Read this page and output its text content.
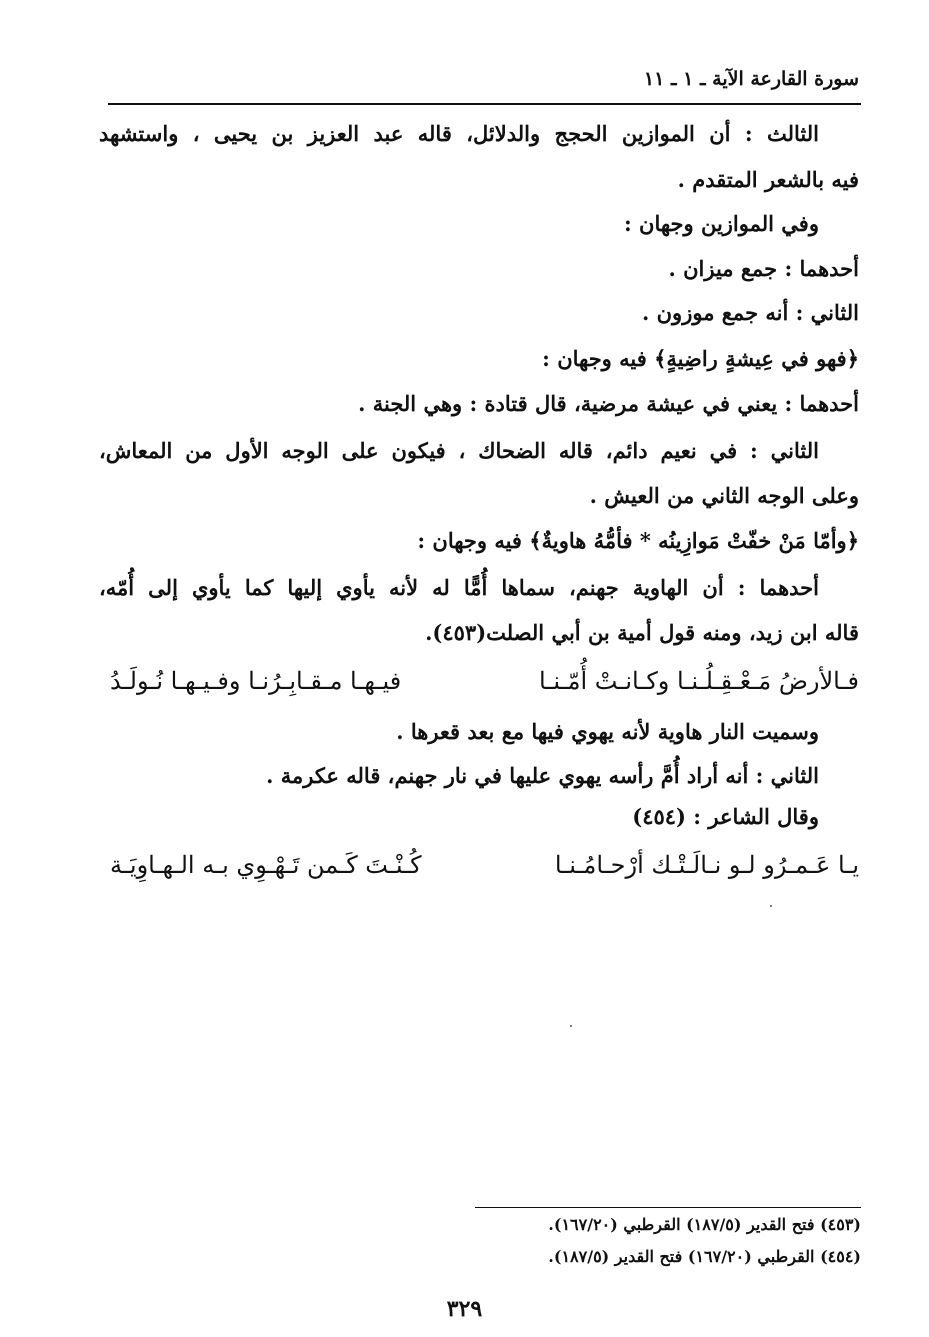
سورة القارعة الآية ـ ١ ـ ١١
الثالث : أن الموازين الحجج والدلائل، قاله عبد العزيز بن يحيى ، واستشهد
فيه بالشعر المتقدم .
وفي الموازين وجهان :
أحدهما : جمع ميزان .
الثاني : أنه جمع موزون .
﴿فهو في عِيشةٍ راضِيةٍ﴾ فيه وجهان :
أحدهما : يعني في عيشة مرضية، قال قتادة : وهي الجنة .
الثاني : في نعيم دائم، قاله الضحاك ، فيكون على الوجه الأول من المعاش،
وعلى الوجه الثاني من العيش .
﴿وأمّا مَنْ خفّتْ مَوازِينُه * فأمُّهُ هاويةٌ﴾ فيه وجهان :
أحدهما : أن الهاوية جهنم، سماها أُمًّا له لأنه يأوي إليها كما يأوي إلى أُمّه،
قاله ابن زيد، ومنه قول أمية بن أبي الصلت(٤٥٣).
فـالأرضُ مَـعْـقِـلُـنـا وكـانـتْ أُمّـنـا
فيـهـا مـقـابِـرُنـا وفـيـهـا نُـولَـدُ
وسميت النار هاوية لأنه يهوي فيها مع بعد قعرها .
الثاني : أنه أراد أُمَّ رأسه يهوي عليها في نار جهنم، قاله عكرمة .
وقال الشاعر : (٤٥٤)
يـا عَـمـرُو لـو نـالَـتْـك أرْحـامُـنـا
كُـنْـتَ كَـمن تَـهْـوِي بـه الـهـاوِيَـة
(٤٥٣) فتح القدير (١٨٧/٥) القرطبي (١٦٧/٢٠).
(٤٥٤) القرطبي (١٦٧/٢٠) فتح القدير (١٨٧/٥).
٣٢٩
